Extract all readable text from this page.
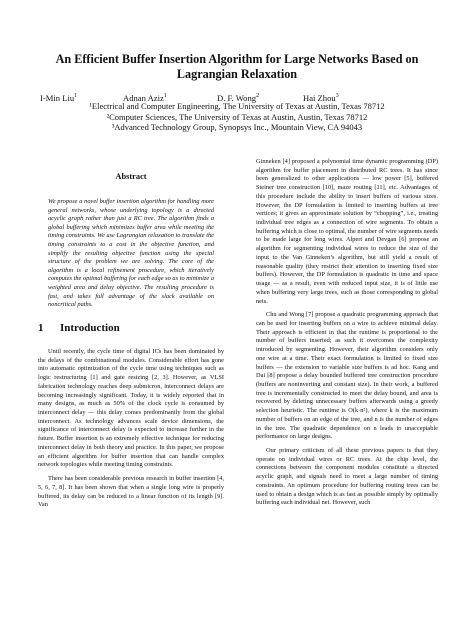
An Efficient Buffer Insertion Algorithm for Large Networks Based on
Lagrangian Relaxation
I-Min Liu$^1$	Adnan Aziz$^1$	D. F. Wong$^2$	Hai Zhou$^3$
¹Electrical and Computer Engineering, The University of Texas at Austin, Texas 78712
²Computer Sciences, The University of Texas at Austin, Austin, Texas 78712
³Advanced Technology Group, Synopsys Inc., Mountain View, CA 94043
Abstract
We propose a novel buffer insertion algorithm for handling more general networks, whose underlying topology is a directed acyclic graph rather than just a RC tree. The algorithm finds a global buffering which minimizes buffer area while meeting the timing constraints. We use Lagrangian relaxation to translate the timing constraints to a cost in the objective function, and simplify the resulting objective function using the special structure of the problem we are solving. The core of the algorithm is a local refinement procedure, which iteratively computes the optimal buffering for each edge so as to minimize a weighted area and delay objective. The resulting procedure is fast, and takes full advantage of the slack available on noncritical paths.
1 Introduction

Until recently, the cycle time of digital ICs has been dominated by the delays of the combinational modules. Considerable effort has gone into automatic optimization of the cycle time using techniques such as logic restructuring [1] and gate resizing [2, 3]. However, as VLSI fabrication technology reaches deep submicron, interconnect delays are becoming increasingly significant. Today, it is widely reported that in many designs, as much as 50% of the clock cycle is consumed by interconnect delay — this delay comes predominantly from the global interconnect. As technology advances scale device dimensions, the significance of interconnect delay is expected to increase further in the future. Buffer insertion is an extremely effective technique for reducing interconnect delay in both theory and practice. In this paper, we propose an efficient algorithm for buffer insertion that can handle complex network topologies while meeting timing constraints.

There has been considerable previous research in buffer insertion [4, 5, 6, 7, 8]. It has been shown that when a single long wire is properly buffered, its delay can be reduced to a linear function of its length [9]. Van

Ginneken [4] proposed a polynomial time dynamic programming (DP) algorithm for buffer placement in distributed RC trees. It has since been generalized to other applications — low power [5], buffered Steiner tree construction [10], maze routing [11], etc. Advantages of this procedure include the ability to insert buffers of various sizes. However, the DP formulation is limited to inserting buffers at tree vertices; it gives an approximate solution by “chopping”, i.e., treating individual tree edges as a connection of wire segments. To obtain a buffering which is close to optimal, the number of wire segments needs to be made large for long wires. Alpert and Devgan [6] propose an algorithm for segmenting individual wires to reduce the size of the input to the Van Ginneken’s algorithm, but still yield a result of reasonable quality (they restrict their attention to inserting fixed size buffers). However, the DP formulation is quadratic in time and space usage — as a result, even with reduced input size, it is of little use when buffering very large trees, such as those corresponding to global nets.

Chu and Wong [7] propose a quadratic programming approach that can be used for inserting buffers on a wire to achieve minimal delay. Their approach is efficient in that the runtime is proportional to the number of buffers inserted; as such it overcomes the complexity introduced by segmenting. However, their algorithm considers only one wire at a time. Their exact formulation is limited to fixed size buffers — the extension to variable size buffers is ad hoc. Kang and Dai [8] propose a delay bounded buffered tree construction procedure (buffers are noninverting and constant size). In their work, a buffered tree is incrementally constructed to meet the delay bound, and area is recovered by deleting unnecessary buffers afterwards using a greedy selection heuristic. The runtime is O(k·n²), where k is the maximum number of buffers on an edge of the tree, and n is the number of edges in the tree. The quadratic dependence on n leads to unacceptable performance on large designs.

Our primary criticism of all these previous papers is that they operate on individual wires or RC trees. At the chip level, the connections between the component modules constitute a directed acyclic graph, and signals need to meet a large number of timing constraints. An optimum procedure for buffering routing trees can be used to obtain a design which is as fast as possible simply by optimally buffering each individual net. However, such
